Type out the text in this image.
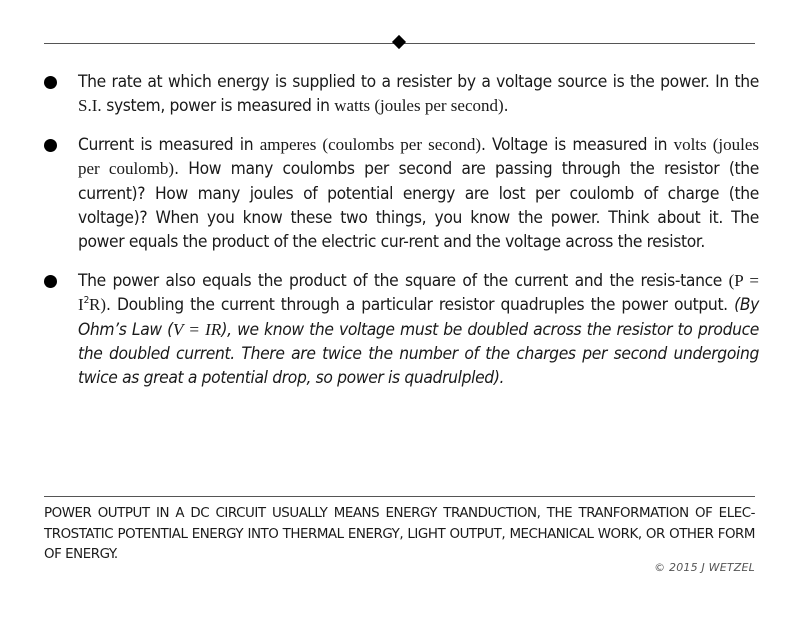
The rate at which energy is supplied to a resister by a voltage source is the power. In the S.I. system, power is measured in watts (joules per second).

Current is measured in amperes (coulombs per second). Voltage is measured in volts (joules per coulomb). How many coulombs per second are passing through the resistor (the current)? How many joules of potential energy are lost per coulomb of charge (the voltage)? When you know these two things, you know the power. Think about it. The power equals the product of the electric cur-rent and the voltage across the resistor.

The power also equals the product of the square of the current and the resis-tance $(P = I^2R)$. Doubling the current through a particular resistor quadruples the power output. (By Ohm’s Law (V = IR), we know the voltage must be doubled across the resistor to produce the doubled current. There are twice the number of the charges per second undergoing twice as great a potential drop, so power is quadrulpled).

POWER OUTPUT IN A DC CIRCUIT USUALLY MEANS ENERGY TRANDUCTION, THE TRANFORMATION OF ELEC-TROSTATIC POTENTIAL ENERGY INTO THERMAL ENERGY, LIGHT OUTPUT, MECHANICAL WORK, OR OTHER FORM OF ENERGY.
© 2015 J WETZEL
